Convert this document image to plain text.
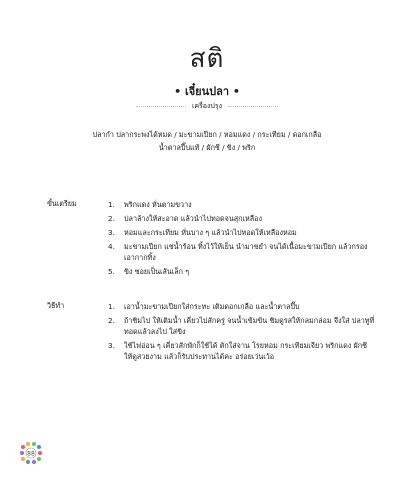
สติ
• เจี๋ยนปลา •
เครื่องปรุง
ปลากำ ปลากระพงได้หมด / มะขามเปียก / หอมแดง / กระเทียม / ดอกเกลือ
น้ำตาลปี๊บแท้ / ผักชี / ขิง / พริก
ขั้นเตรียม	1.	พริกแดง หั่นตามขวาง
2.	ปลาล้างให้สะอาด แล้วนำไปทอดจนสุกเหลือง
3.	หอมและกระเทียม หั่นบาง ๆ แล้วนำไปทอดให้เหลืองหอม
4.	มะขามเปียก แช่น้ำร้อน ทิ้งไว้ให้เย็น นำมาขยำ จนได้เนื้อมะขามเปียก แล้วกรองเอากากทิ้ง
5.	ขิง ซอยเป็นเส้นเล็ก ๆ
วิธีทำ	1.	เอาน้ำมะขามเปียกใส่กระทะ เติมดอกเกลือ และน้ำตาลปี๊บ
2.	ถ้าชิมไป ให้เติมน้ำ เคี่ยวไปสักครู่ จนน้ำเข้มข้น ชิมดูรสให้กลมกล่อม จึงใส่ ปลาทูที่ทอดแล้วลงไป ใส่ขิง
3.	ใช้ไฟอ่อน ๆ เคี่ยวสักพักก็ใช้ได้ ตักใส่จาน โรยหอม กระเทียมเจียว พริกแดง ผักชี ให้ดูสวยงาม แล้วก็รับประทานได้คะ อร่อยเว่นเว้อ
88
